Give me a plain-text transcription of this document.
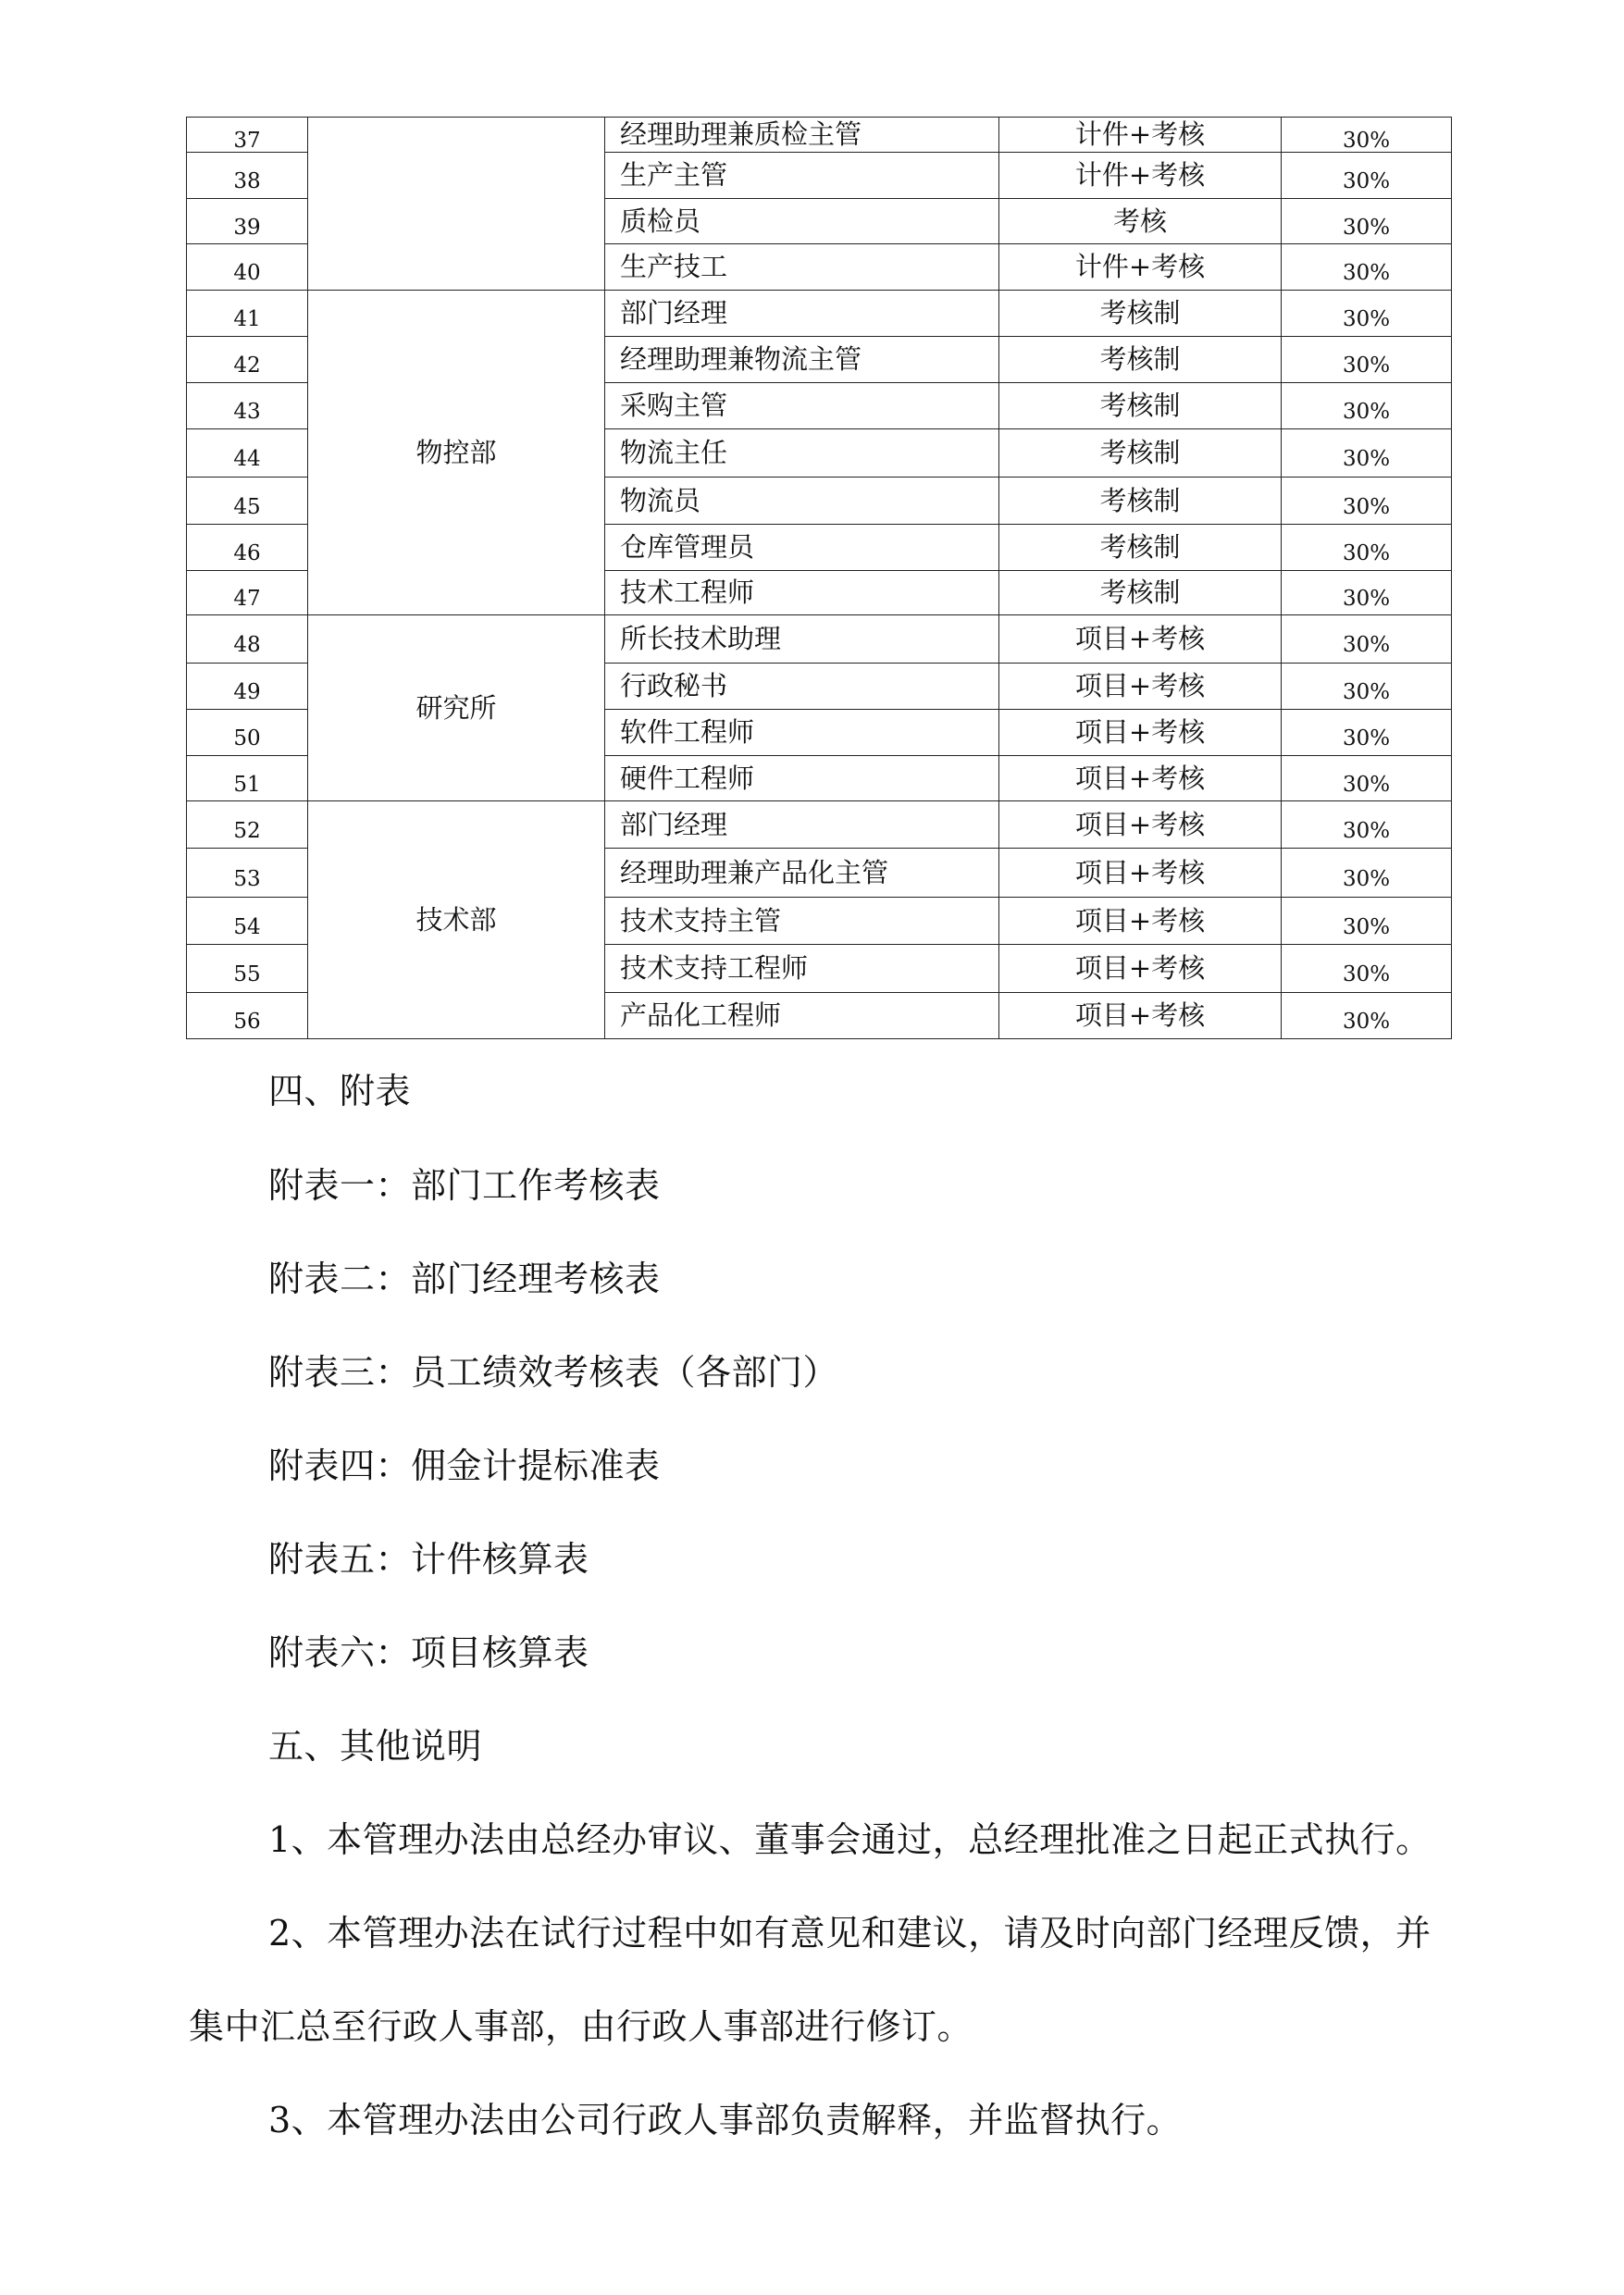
37		经理助理兼质检主管	计件+考核	30%
38		生产主管	计件+考核	30%
39		质检员	考核	30%
40		生产技工	计件+考核	30%
41	物控部	部门经理	考核制	30%
42		经理助理兼物流主管	考核制	30%
43		采购主管	考核制	30%
44		物流主任	考核制	30%
45		物流员	考核制	30%
46		仓库管理员	考核制	30%
47		技术工程师	考核制	30%
48	研究所	所长技术助理	项目+考核	30%
49		行政秘书	项目+考核	30%
50		软件工程师	项目+考核	30%
51		硬件工程师	项目+考核	30%
52	技术部	部门经理	项目+考核	30%
53		经理助理兼产品化主管	项目+考核	30%
54		技术支持主管	项目+考核	30%
55		技术支持工程师	项目+考核	30%
56		产品化工程师	项目+考核	30%
四、附表
附表一：部门工作考核表
附表二：部门经理考核表
附表三：员工绩效考核表（各部门）
附表四：佣金计提标准表
附表五：计件核算表
附表六：项目核算表
五、其他说明
1、本管理办法由总经办审议、董事会通过，总经理批准之日起正式执行。
2、本管理办法在试行过程中如有意见和建议，请及时向部门经理反馈，并
集中汇总至行政人事部，由行政人事部进行修订。
3、本管理办法由公司行政人事部负责解释，并监督执行。
